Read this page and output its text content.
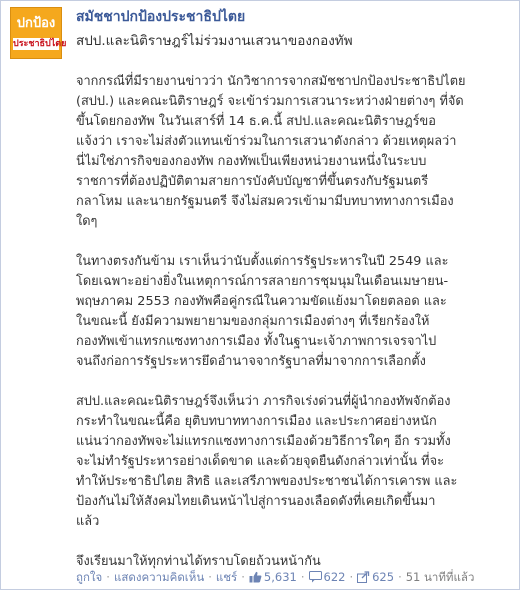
ปกป้อง
ประชาธิปไตย
สมัชชาปกป้องประชาธิปไตย
สปป.และนิติราษฎร์ไม่ร่วมงานเสวนาของกองทัพ

จากกรณีที่มีรายงานข่าวว่า นักวิชาการจากสมัชชาปกป้องประชาธิปไตย
(สปป.) และคณะนิติราษฎร์ จะเข้าร่วมการเสวนาระหว่างฝ่ายต่างๆ ที่จัด
ขึ้นโดยกองทัพ ในวันเสาร์ที่ 14 ธ.ค.นี้ สปป.และคณะนิติราษฎร์ขอ
แจ้งว่า เราจะไม่ส่งตัวแทนเข้าร่วมในการเสวนาดังกล่าว ด้วยเหตุผลว่า
นี่ไม่ใช่ภารกิจของกองทัพ กองทัพเป็นเพียงหน่วยงานหนึ่งในระบบ
ราชการที่ต้องปฏิบัติตามสายการบังคับบัญชาที่ขึ้นตรงกับรัฐมนตรี
กลาโหม และนายกรัฐมนตรี จึงไม่สมควรเข้ามามีบทบาททางการเมือง
ใดๆ

ในทางตรงกันข้าม เราเห็นว่านับตั้งแต่การรัฐประหารในปี 2549 และ
โดยเฉพาะอย่างยิ่งในเหตุการณ์การสลายการชุมนุมในเดือนเมษายน-
พฤษภาคม 2553 กองทัพคือคู่กรณีในความขัดแย้งมาโดยตลอด และ
ในขณะนี้ ยังมีความพยายามของกลุ่มการเมืองต่างๆ ที่เรียกร้องให้
กองทัพเข้าแทรกแซงทางการเมือง ทั้งในฐานะเจ้าภาพการเจรจาไป
จนถึงก่อการรัฐประหารยึดอำนาจจากรัฐบาลที่มาจากการเลือกตั้ง

สปป.และคณะนิติราษฎร์จึงเห็นว่า ภารกิจเร่งด่วนที่ผู้นำกองทัพจักต้อง
กระทำในขณะนี้คือ ยุติบทบาททางการเมือง และประกาศอย่างหนัก
แน่นว่ากองทัพจะไม่แทรกแซงทางการเมืองด้วยวิธีการใดๆ อีก รวมทั้ง
จะไม่ทำรัฐประหารอย่างเด็ดขาด และด้วยจุดยืนดังกล่าวเท่านั้น ที่จะ
ทำให้ประชาธิปไตย สิทธิ และเสรีภาพของประชาชนได้การเคารพ และ
ป้องกันไม่ให้สังคมไทยเดินหน้าไปสู่การนองเลือดดังที่เคยเกิดขึ้นมา
แล้ว

จึงเรียนมาให้ทุกท่านได้ทราบโดยถ้วนหน้ากัน

ถูกใจ · แสดงความคิดเห็น · แชร์ · 5,631 · 622 · 625 · 51 นาทีที่แล้ว
